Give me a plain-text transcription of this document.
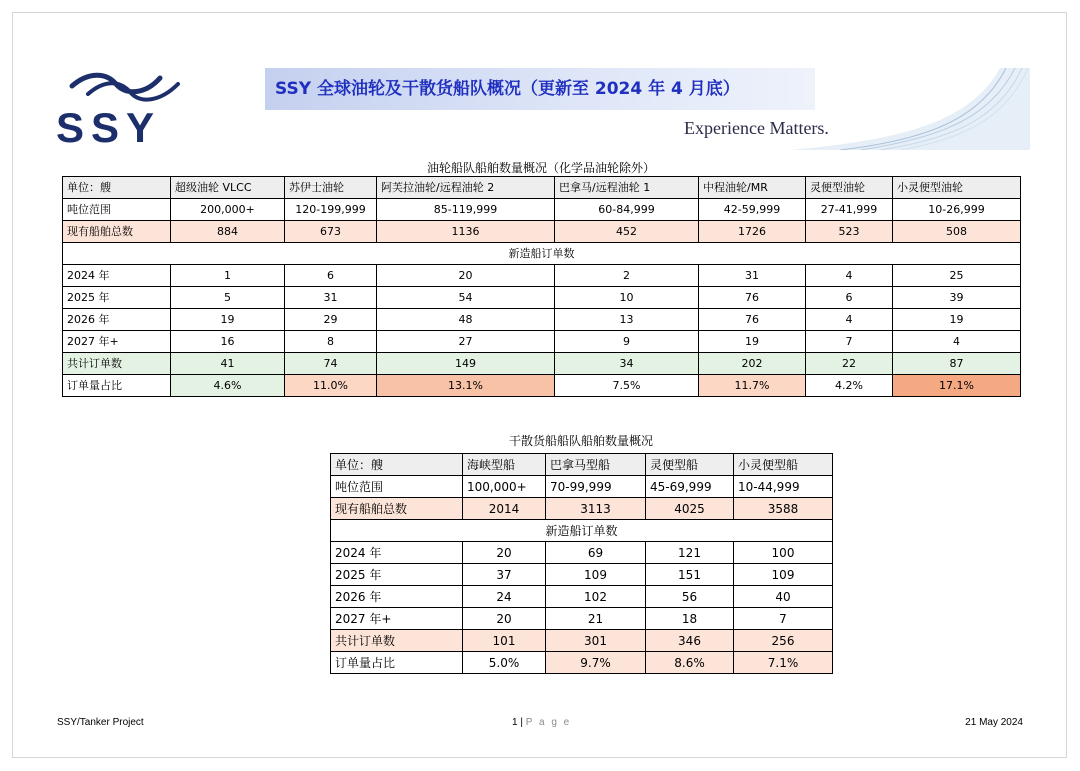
SSY
SSY 全球油轮及干散货船队概况（更新至 2024 年 4 月底）
Experience Matters.
油轮船队船舶数量概况（化学品油轮除外）
单位：艘	超级油轮 VLCC	苏伊士油轮	阿芙拉油轮/远程油轮 2	巴拿马/远程油轮 1	中程油轮/MR	灵便型油轮	小灵便型油轮
吨位范围	200,000+	120-199,999	85-119,999	60-84,999	42-59,999	27-41,999	10-26,999
现有船舶总数	884	673	1136	452	1726	523	508
新造船订单数							
2024 年	1	6	20	2	31	4	25
2025 年	5	31	54	10	76	6	39
2026 年	19	29	48	13	76	4	19
2027 年+	16	8	27	9	19	7	4
共计订单数	41	74	149	34	202	22	87
订单量占比	4.6%	11.0%	13.1%	7.5%	11.7%	4.2%	17.1%
干散货船船队船舶数量概况
单位：艘	海峡型船	巴拿马型船	灵便型船	小灵便型船
吨位范围	100,000+	70-99,999	45-69,999	10-44,999
现有船舶总数	2014	3113	4025	3588
新造船订单数				
2024 年	20	69	121	100
2025 年	37	109	151	109
2026 年	24	102	56	40
2027 年+	20	21	18	7
共计订单数	101	301	346	256
订单量占比	5.0%	9.7%	8.6%	7.1%
SSY/Tanker Project	1 | P a g e	21 May 2024
